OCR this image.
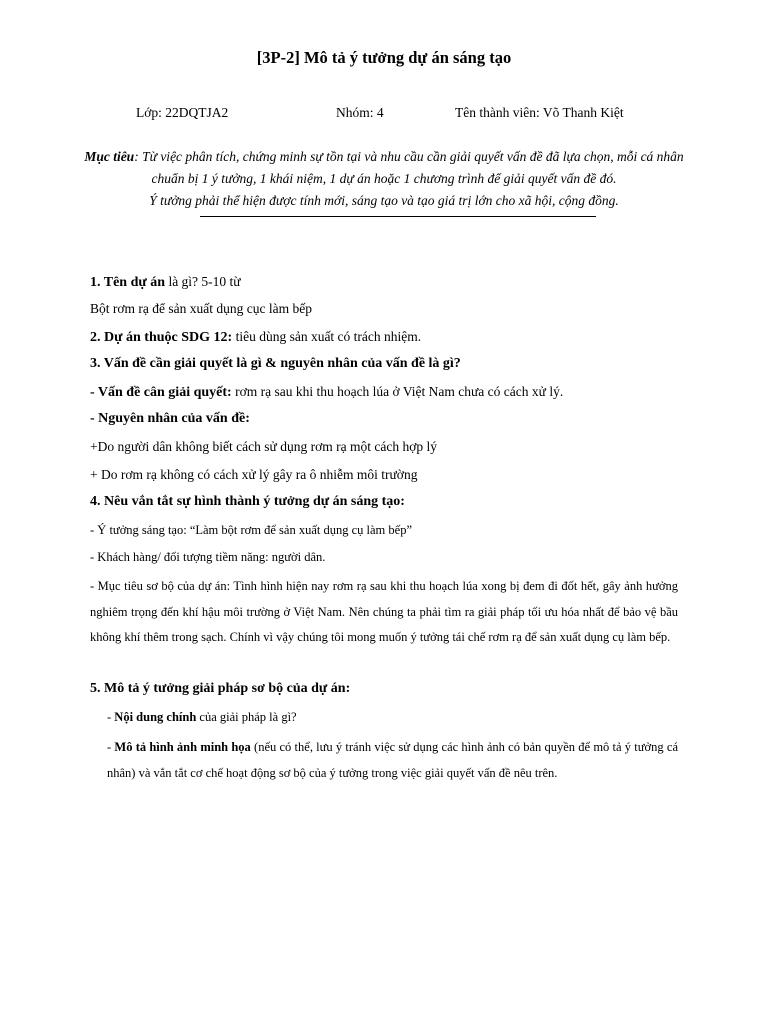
[3P-2] Mô tả ý tưởng dự án sáng tạo
Lớp: 22DQTJA2	Nhóm: 4	Tên thành viên: Võ Thanh Kiệt
Mục tiêu: Từ việc phân tích, chứng minh sự tồn tại và nhu cầu cần giải quyết vấn đề đã lựa chọn, mỗi cá nhân chuẩn bị 1 ý tưởng, 1 khái niệm, 1 dự án hoặc 1 chương trình để giải quyết vấn đề đó.
Ý tưởng phải thể hiện được tính mới, sáng tạo và tạo giá trị lớn cho xã hội, cộng đồng.
1. Tên dự án là gì? 5-10 từ
Bột rơm rạ để sản xuất dụng cục làm bếp
2. Dự án thuộc SDG 12: tiêu dùng sản xuất có trách nhiệm.
3. Vấn đề cần giải quyết là gì & nguyên nhân của vấn đề là gì?
- Vấn đề cân giải quyết: rơm rạ sau khi thu hoạch lúa ở Việt Nam chưa có cách xử lý.
- Nguyên nhân của vấn đề:
+Do người dân không biết cách sử dụng rơm rạ một cách hợp lý
+ Do rơm rạ không có cách xử lý gây ra ô nhiễm môi trường
4. Nêu vắn tắt sự hình thành ý tưởng dự án sáng tạo:
- Ý tưởng sáng tạo: “Làm bột rơm để sản xuất dụng cụ làm bếp”
- Khách hàng/ đối tượng tiềm năng: người dân.
- Mục tiêu sơ bộ của dự án: Tình hình hiện nay rơm rạ sau khi thu hoạch lúa xong bị đem đi đốt hết, gây ảnh hưởng nghiêm trọng đến khí hậu môi trường ở Việt Nam. Nên chúng ta phải tìm ra giải pháp tối ưu hóa nhất để bảo vệ bầu không khí thêm trong sạch. Chính vì vậy chúng tôi mong muốn ý tưởng tái chế rơm rạ để sản xuất dụng cụ làm bếp.
5. Mô tả ý tưởng giải pháp sơ bộ của dự án:
- Nội dung chính của giải pháp là gì?
- Mô tả hình ảnh minh họa (nếu có thể, lưu ý tránh việc sử dụng các hình ảnh có bản quyền để mô tả ý tưởng cá nhân) và vắn tắt cơ chế hoạt động sơ bộ của ý tưởng trong việc giải quyết vấn đề nêu trên.
